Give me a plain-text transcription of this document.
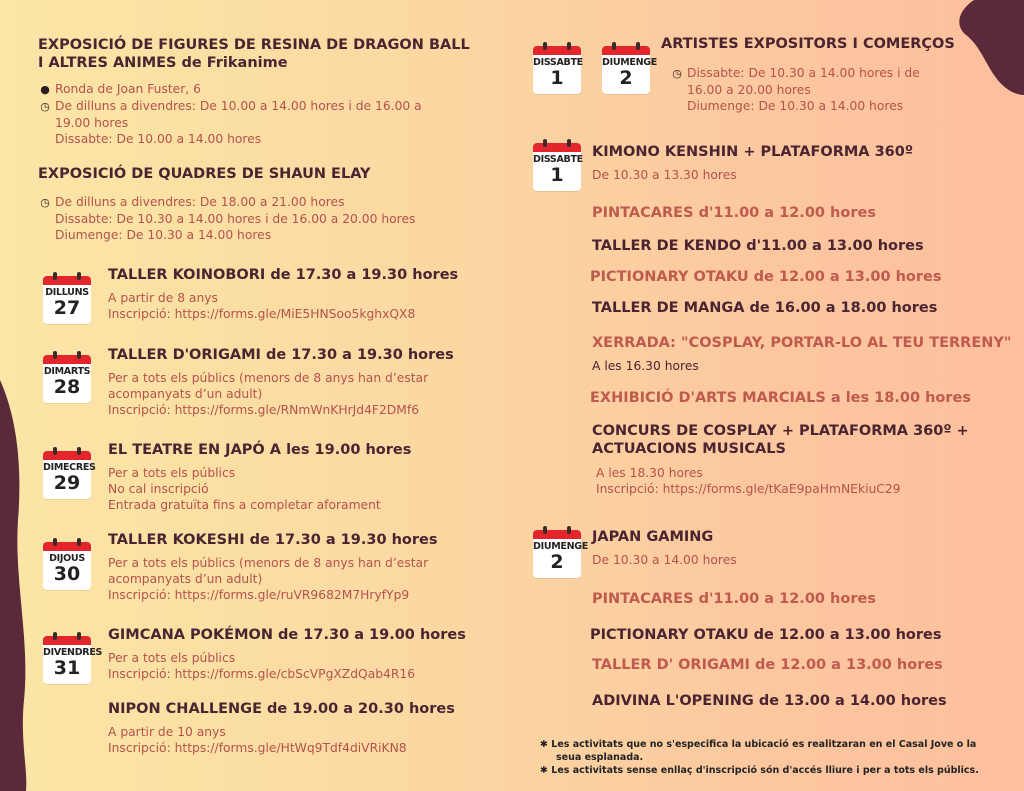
EXPOSICIÓ DE FIGURES DE RESINA DE DRAGON BALL
I ALTRES ANIMES de Frikanime
● Ronda de Joan Fuster, 6
◷ De dilluns a divendres: De 10.00 a 14.00 hores i de 16.00 a
19.00 hores
Dissabte: De 10.00 a 14.00 hores
EXPOSICIÓ DE QUADRES DE SHAUN ELAY
◷ De dilluns a divendres: De 18.00 a 21.00 hores
Dissabte: De 10.30 a 14.00 hores i de 16.00 a 20.00 hores
Diumenge: De 10.30 a 14.00 hores
DILLUNS
27
TALLER KOINOBORI de 17.30 a 19.30 hores
A partir de 8 anys
Inscripció: https://forms.gle/MiE5HNSoo5kghxQX8
DIMARTS
28
TALLER D'ORIGAMI de 17.30 a 19.30 hores
Per a tots els públics (menors de 8 anys han d’estar
acompanyats d’un adult)
Inscripció: https://forms.gle/RNmWnKHrJd4F2DMf6
DIMECRES
29
EL TEATRE EN JAPÓ A les 19.00 hores
Per a tots els públics
No cal inscripció
Entrada gratuïta fins a completar aforament
DIJOUS
30
TALLER KOKESHI de 17.30 a 19.30 hores
Per a tots els públics (menors de 8 anys han d’estar
acompanyats d’un adult)
Inscripció: https://forms.gle/ruVR9682M7HryfYp9
DIVENDRES
31
GIMCANA POKÉMON de 17.30 a 19.00 hores
Per a tots els públics
Inscripció: https://forms.gle/cbScVPgXZdQab4R16
NIPON CHALLENGE de 19.00 a 20.30 hores
A partir de 10 anys
Inscripció: https://forms.gle/HtWq9Tdf4diVRiKN8
DISSABTE
1
DIUMENGE
2
ARTISTES EXPOSITORS I COMERÇOS
◷ Dissabte: De 10.30 a 14.00 hores i de
16.00 a 20.00 hores
Diumenge: De 10.30 a 14.00 hores
DISSABTE
1
KIMONO KENSHIN + PLATAFORMA 360º
De 10.30 a 13.30 hores
PINTACARES d'11.00 a 12.00 hores
TALLER DE KENDO d'11.00 a 13.00 hores
PICTIONARY OTAKU de 12.00 a 13.00 hores
TALLER DE MANGA de 16.00 a 18.00 hores
XERRADA: "COSPLAY, PORTAR-LO AL TEU TERRENY"
A les 16.30 hores
EXHIBICIÓ D'ARTS MARCIALS a les 18.00 hores
CONCURS DE COSPLAY + PLATAFORMA 360º +
ACTUACIONS MUSICALS
A les 18.30 hores
Inscripció: https://forms.gle/tKaE9paHmNEkiuC29
DIUMENGE
2
JAPAN GAMING
De 10.30 a 14.00 hores
PINTACARES d'11.00 a 12.00 hores
PICTIONARY OTAKU de 12.00 a 13.00 hores
TALLER D' ORIGAMI de 12.00 a 13.00 hores
ADIVINA L'OPENING de 13.00 a 14.00 hores
✱ Les activitats que no s'especifica la ubicació es realitzaran en el Casal Jove o la
seua esplanada.
✱ Les activitats sense enllaç d'inscripció són d'accés lliure i per a tots els públics.
